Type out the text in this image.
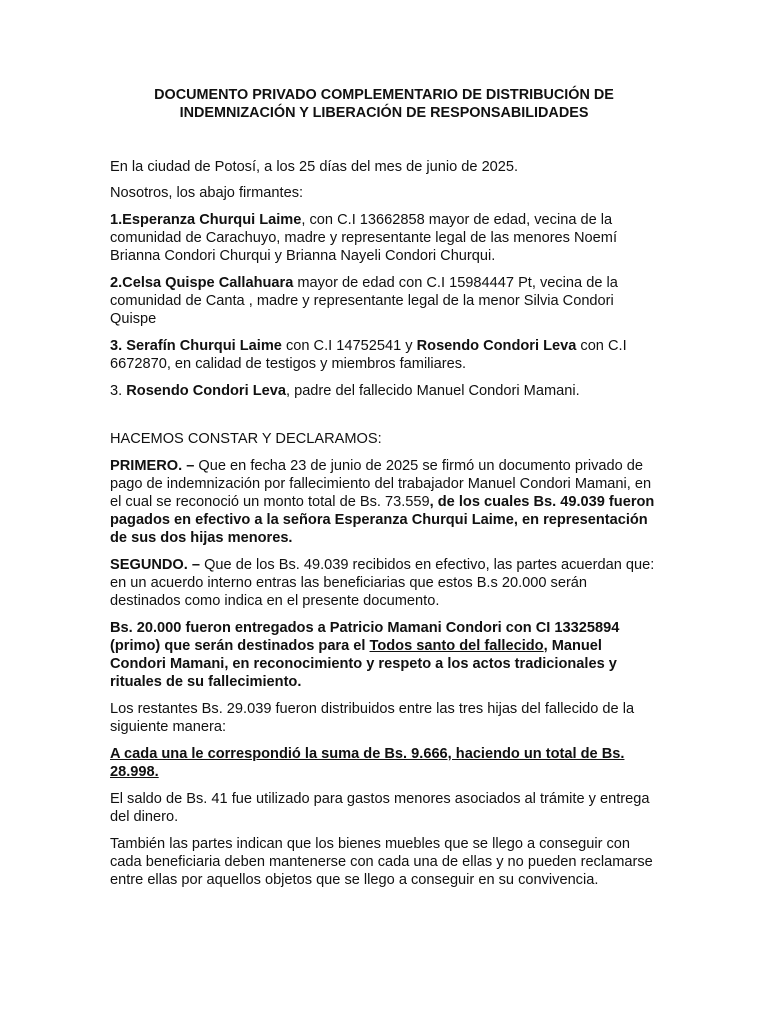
DOCUMENTO PRIVADO COMPLEMENTARIO DE DISTRIBUCIÓN DE
INDEMNIZACIÓN Y LIBERACIÓN DE RESPONSABILIDADES

En la ciudad de Potosí, a los 25 días del mes de junio de 2025.

Nosotros, los abajo firmantes:

1.Esperanza Churqui Laime, con C.I 13662858 mayor de edad, vecina de la comunidad de Carachuyo, madre y representante legal de las menores Noemí Brianna Condori Churqui y Brianna Nayeli Condori Churqui.

2.Celsa Quispe Callahuara mayor de edad con C.I 15984447 Pt, vecina de la comunidad de Canta , madre y representante legal de la menor Silvia Condori Quispe

3. Serafín Churqui Laime con C.I 14752541 y Rosendo Condori Leva con C.I 6672870, en calidad de testigos y miembros familiares.

3. Rosendo Condori Leva, padre del fallecido Manuel Condori Mamani.

HACEMOS CONSTAR Y DECLARAMOS:

PRIMERO. – Que en fecha 23 de junio de 2025 se firmó un documento privado de pago de indemnización por fallecimiento del trabajador Manuel Condori Mamani, en el cual se reconoció un monto total de Bs. 73.559, de los cuales Bs. 49.039 fueron pagados en efectivo a la señora Esperanza Churqui Laime, en representación de sus dos hijas menores.

SEGUNDO. – Que de los Bs. 49.039 recibidos en efectivo, las partes acuerdan que: en un acuerdo interno entras las beneficiarias que estos B.s 20.000 serán destinados como indica en el presente documento.

Bs. 20.000 fueron entregados a Patricio Mamani Condori con CI 13325894 (primo) que serán destinados para el Todos santo del fallecido, Manuel Condori Mamani, en reconocimiento y respeto a los actos tradicionales y rituales de su fallecimiento.

Los restantes Bs. 29.039 fueron distribuidos entre las tres hijas del fallecido de la siguiente manera:

A cada una le correspondió la suma de Bs. 9.666, haciendo un total de Bs. 28.998.

El saldo de Bs. 41 fue utilizado para gastos menores asociados al trámite y entrega del dinero.

También las partes indican que los bienes muebles que se llego a conseguir con cada beneficiaria deben mantenerse con cada una de ellas y no pueden reclamarse entre ellas por aquellos objetos que se llego a conseguir en su convivencia.
